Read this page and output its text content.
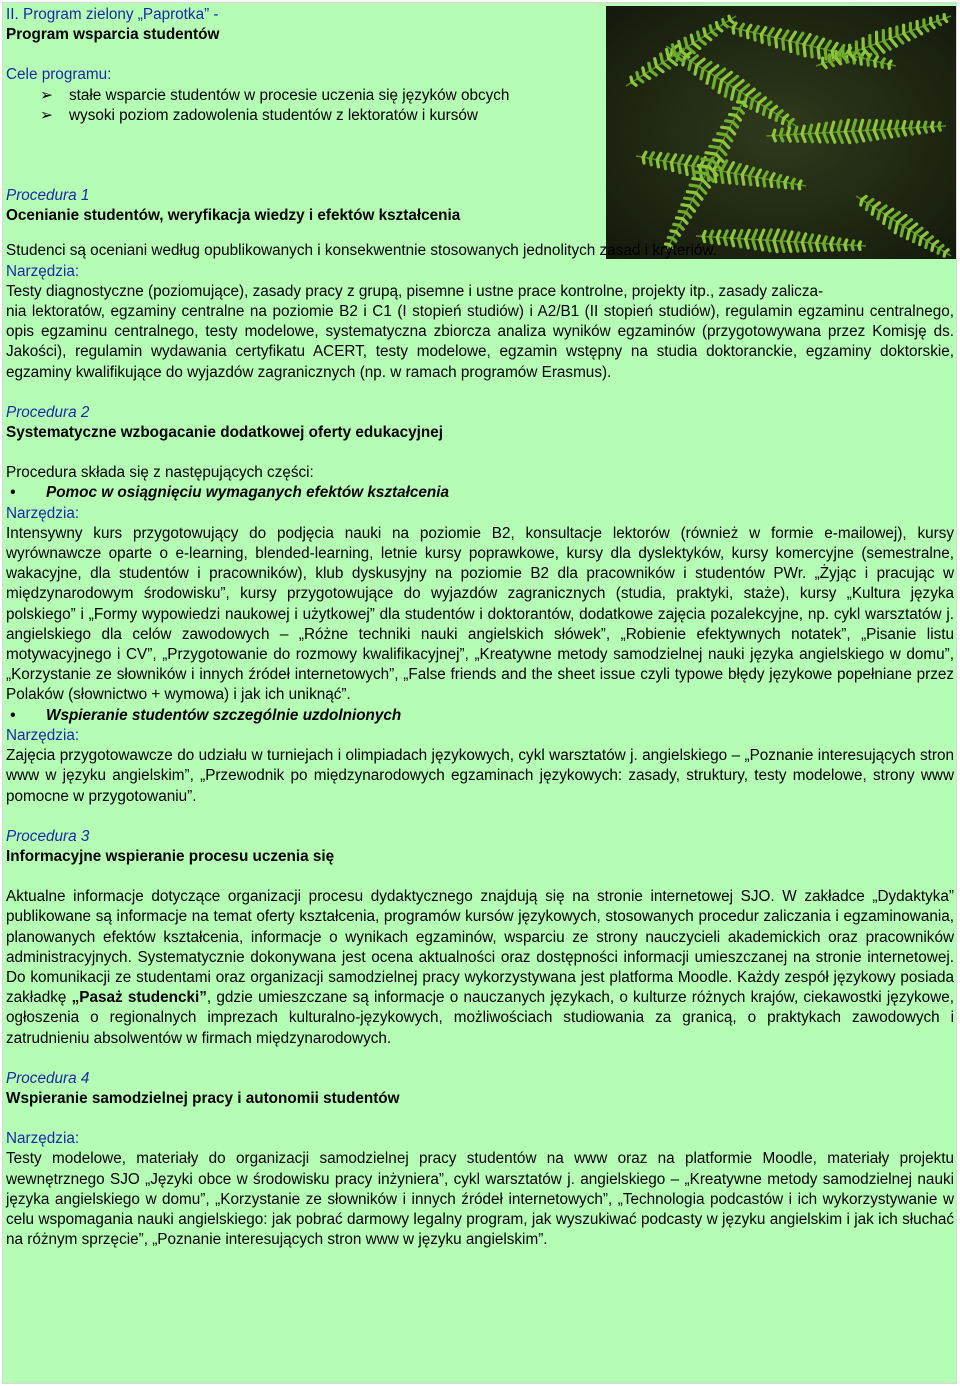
II. Program zielony „Paprotka” -

Program wsparcia studentów

Cele programu:

➢ stałe wsparcie studentów w procesie uczenia się języków obcych

➢ wysoki poziom zadowolenia studentów z lektoratów i kursów

Procedura 1

Ocenianie studentów, weryfikacja wiedzy i efektów kształcenia

Studenci są oceniani według opublikowanych i konsekwentnie stosowanych jednolitych zasad i kryteriów.

Narzędzia:

Testy diagnostyczne (poziomujące), zasady pracy z grupą, pisemne i ustne prace kontrolne, projekty itp., zasady zalicza-

nia lektoratów, egzaminy centralne na poziomie B2 i C1 (I stopień studiów) i A2/B1 (II stopień studiów), regulamin egzaminu centralnego, opis egzaminu centralnego, testy modelowe, systematyczna zbiorcza analiza wyników egzaminów (przygotowywana przez Komisję ds. Jakości), regulamin wydawania certyfikatu ACERT, testy modelowe, egzamin wstępny na studia doktoranckie, egzaminy doktorskie, egzaminy kwalifikujące do wyjazdów zagranicznych (np. w ramach programów Erasmus).

Procedura 2

Systematyczne wzbogacanie dodatkowej oferty edukacyjnej

Procedura składa się z następujących części:

• Pomoc w osiągnięciu wymaganych efektów kształcenia

Narzędzia:

Intensywny kurs przygotowujący do podjęcia nauki na poziomie B2, konsultacje lektorów (również w formie e-mailowej), kursy wyrównawcze oparte o e-learning, blended-learning, letnie kursy poprawkowe, kursy dla dyslektyków, kursy komercyjne (semestralne, wakacyjne, dla studentów i pracowników), klub dyskusyjny na poziomie B2 dla pracowników i studentów PWr. „Żyjąc i pracując w międzynarodowym środowisku”, kursy przygotowujące do wyjazdów zagranicznych (studia, praktyki, staże), kursy „Kultura języka polskiego” i „Formy wypowiedzi naukowej i użytkowej” dla studentów i doktorantów, dodatkowe zajęcia pozalekcyjne, np. cykl warsztatów j. angielskiego dla celów zawodowych – „Różne techniki nauki angielskich słówek”, „Robienie efektywnych notatek”, „Pisanie listu motywacyjnego i CV”, „Przygotowanie do rozmowy kwalifikacyjnej”, „Kreatywne metody samodzielnej nauki języka angielskiego w domu”, „Korzystanie ze słowników i innych źródeł internetowych”, „False friends and the sheet issue czyli typowe błędy językowe popełniane przez Polaków (słownictwo + wymowa) i jak ich uniknąć”.

• Wspieranie studentów szczególnie uzdolnionych

Narzędzia:

Zajęcia przygotowawcze do udziału w turniejach i olimpiadach językowych, cykl warsztatów j. angielskiego – „Poznanie interesujących stron www w języku angielskim”, „Przewodnik po międzynarodowych egzaminach językowych: zasady, struktury, testy modelowe, strony www pomocne w przygotowaniu”.

Procedura 3

Informacyjne wspieranie procesu uczenia się

Aktualne informacje dotyczące organizacji procesu dydaktycznego znajdują się na stronie internetowej SJO. W zakładce „Dydaktyka” publikowane są informacje na temat oferty kształcenia, programów kursów językowych, stosowanych procedur zaliczania i egzaminowania, planowanych efektów kształcenia, informacje o wynikach egzaminów, wsparciu ze strony nauczycieli akademickich oraz pracowników administracyjnych. Systematycznie dokonywana jest ocena aktualności oraz dostępności informacji umieszczanej na stronie internetowej. Do komunikacji ze studentami oraz organizacji samodzielnej pracy wykorzystywana jest platforma Moodle. Każdy zespół językowy posiada zakładkę „Pasaż studencki”, gdzie umieszczane są informacje o nauczanych językach, o kulturze różnych krajów, ciekawostki językowe, ogłoszenia o regionalnych imprezach kulturalno-językowych, możliwościach studiowania za granicą, o praktykach zawodowych i zatrudnieniu absolwentów w firmach międzynarodowych.

Procedura 4

Wspieranie samodzielnej pracy i autonomii studentów

Narzędzia:

Testy modelowe, materiały do organizacji samodzielnej pracy studentów na www oraz na platformie Moodle, materiały projektu wewnętrznego SJO „Języki obce w środowisku pracy inżyniera”, cykl warsztatów j. angielskiego – „Kreatywne metody samodzielnej nauki języka angielskiego w domu”, „Korzystanie ze słowników i innych źródeł internetowych”, „Technologia podcastów i ich wykorzystywanie w celu wspomagania nauki angielskiego: jak pobrać darmowy legalny program, jak wyszukiwać podcasty w języku angielskim i jak ich słuchać na różnym sprzęcie”, „Poznanie interesujących stron www w języku angielskim”.
